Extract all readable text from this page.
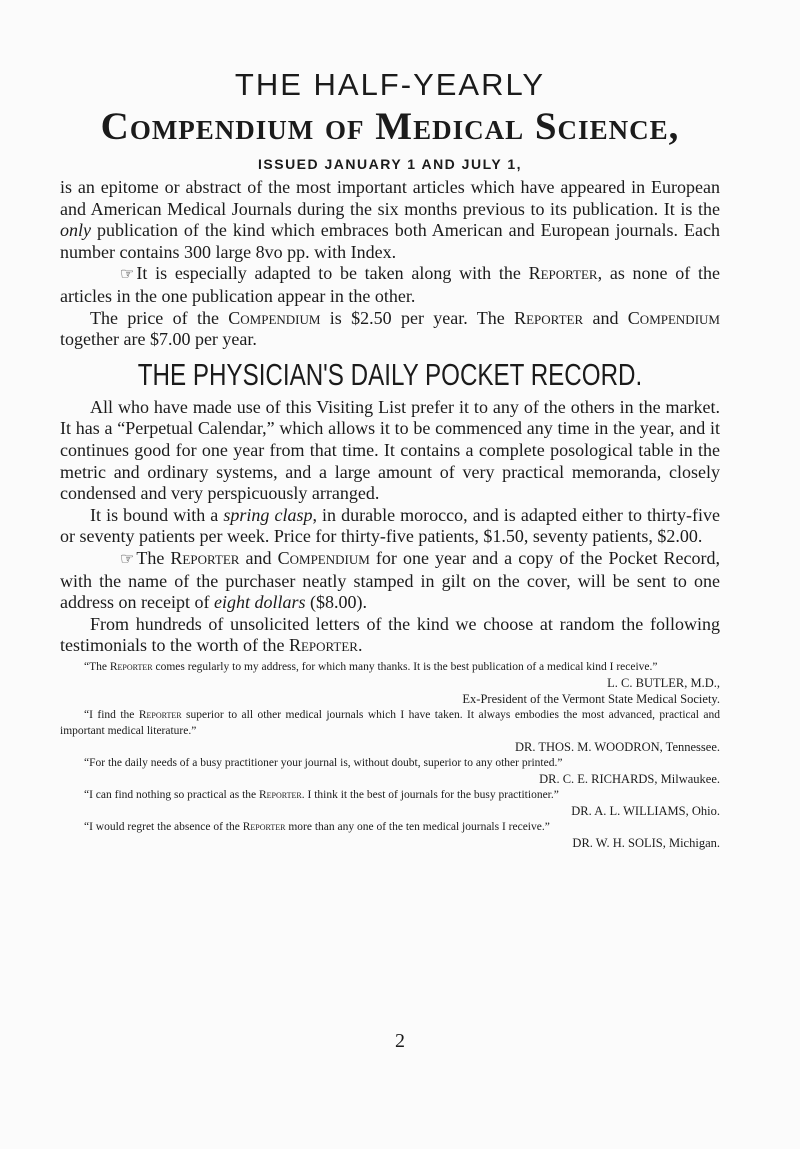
THE HALF-YEARLY
Compendium of Medical Science,
ISSUED JANUARY 1 AND JULY 1,

is an epitome or abstract of the most important articles which have appeared in European and American Medical Journals during the six months previous to its publication. It is the only publication of the kind which embraces both American and European journals. Each number contains 300 large 8vo pp. with Index.

☞ It is especially adapted to be taken along with the Reporter, as none of the articles in the one publication appear in the other.

The price of the Compendium is $2.50 per year. The Reporter and Compendium together are $7.00 per year.

THE PHYSICIAN'S DAILY POCKET RECORD.

All who have made use of this Visiting List prefer it to any of the others in the market. It has a “Perpetual Calendar,” which allows it to be commenced any time in the year, and it continues good for one year from that time. It contains a complete posological table in the metric and ordinary systems, and a large amount of very practical memoranda, closely condensed and very perspicuously arranged.

It is bound with a spring clasp, in durable morocco, and is adapted either to thirty-five or seventy patients per week. Price for thirty-five patients, $1.50, seventy patients, $2.00.

☞ The Reporter and Compendium for one year and a copy of the Pocket Record, with the name of the purchaser neatly stamped in gilt on the cover, will be sent to one address on receipt of eight dollars ($8.00).

From hundreds of unsolicited letters of the kind we choose at random the following testimonials to the worth of the Reporter.

“The Reporter comes regularly to my address, for which many thanks. It is the best publication of a medical kind I receive.”

L. C. BUTLER, M.D.,
Ex-President of the Vermont State Medical Society.

“I find the Reporter superior to all other medical journals which I have taken. It always embodies the most advanced, practical and important medical literature.”

DR. THOS. M. WOODRON, Tennessee.

“For the daily needs of a busy practitioner your journal is, without doubt, superior to any other printed.”

DR. C. E. RICHARDS, Milwaukee.

“I can find nothing so practical as the Reporter. I think it the best of journals for the busy practitioner.”

DR. A. L. WILLIAMS, Ohio.

“I would regret the absence of the Reporter more than any one of the ten medical journals I receive.”

DR. W. H. SOLIS, Michigan.
2
